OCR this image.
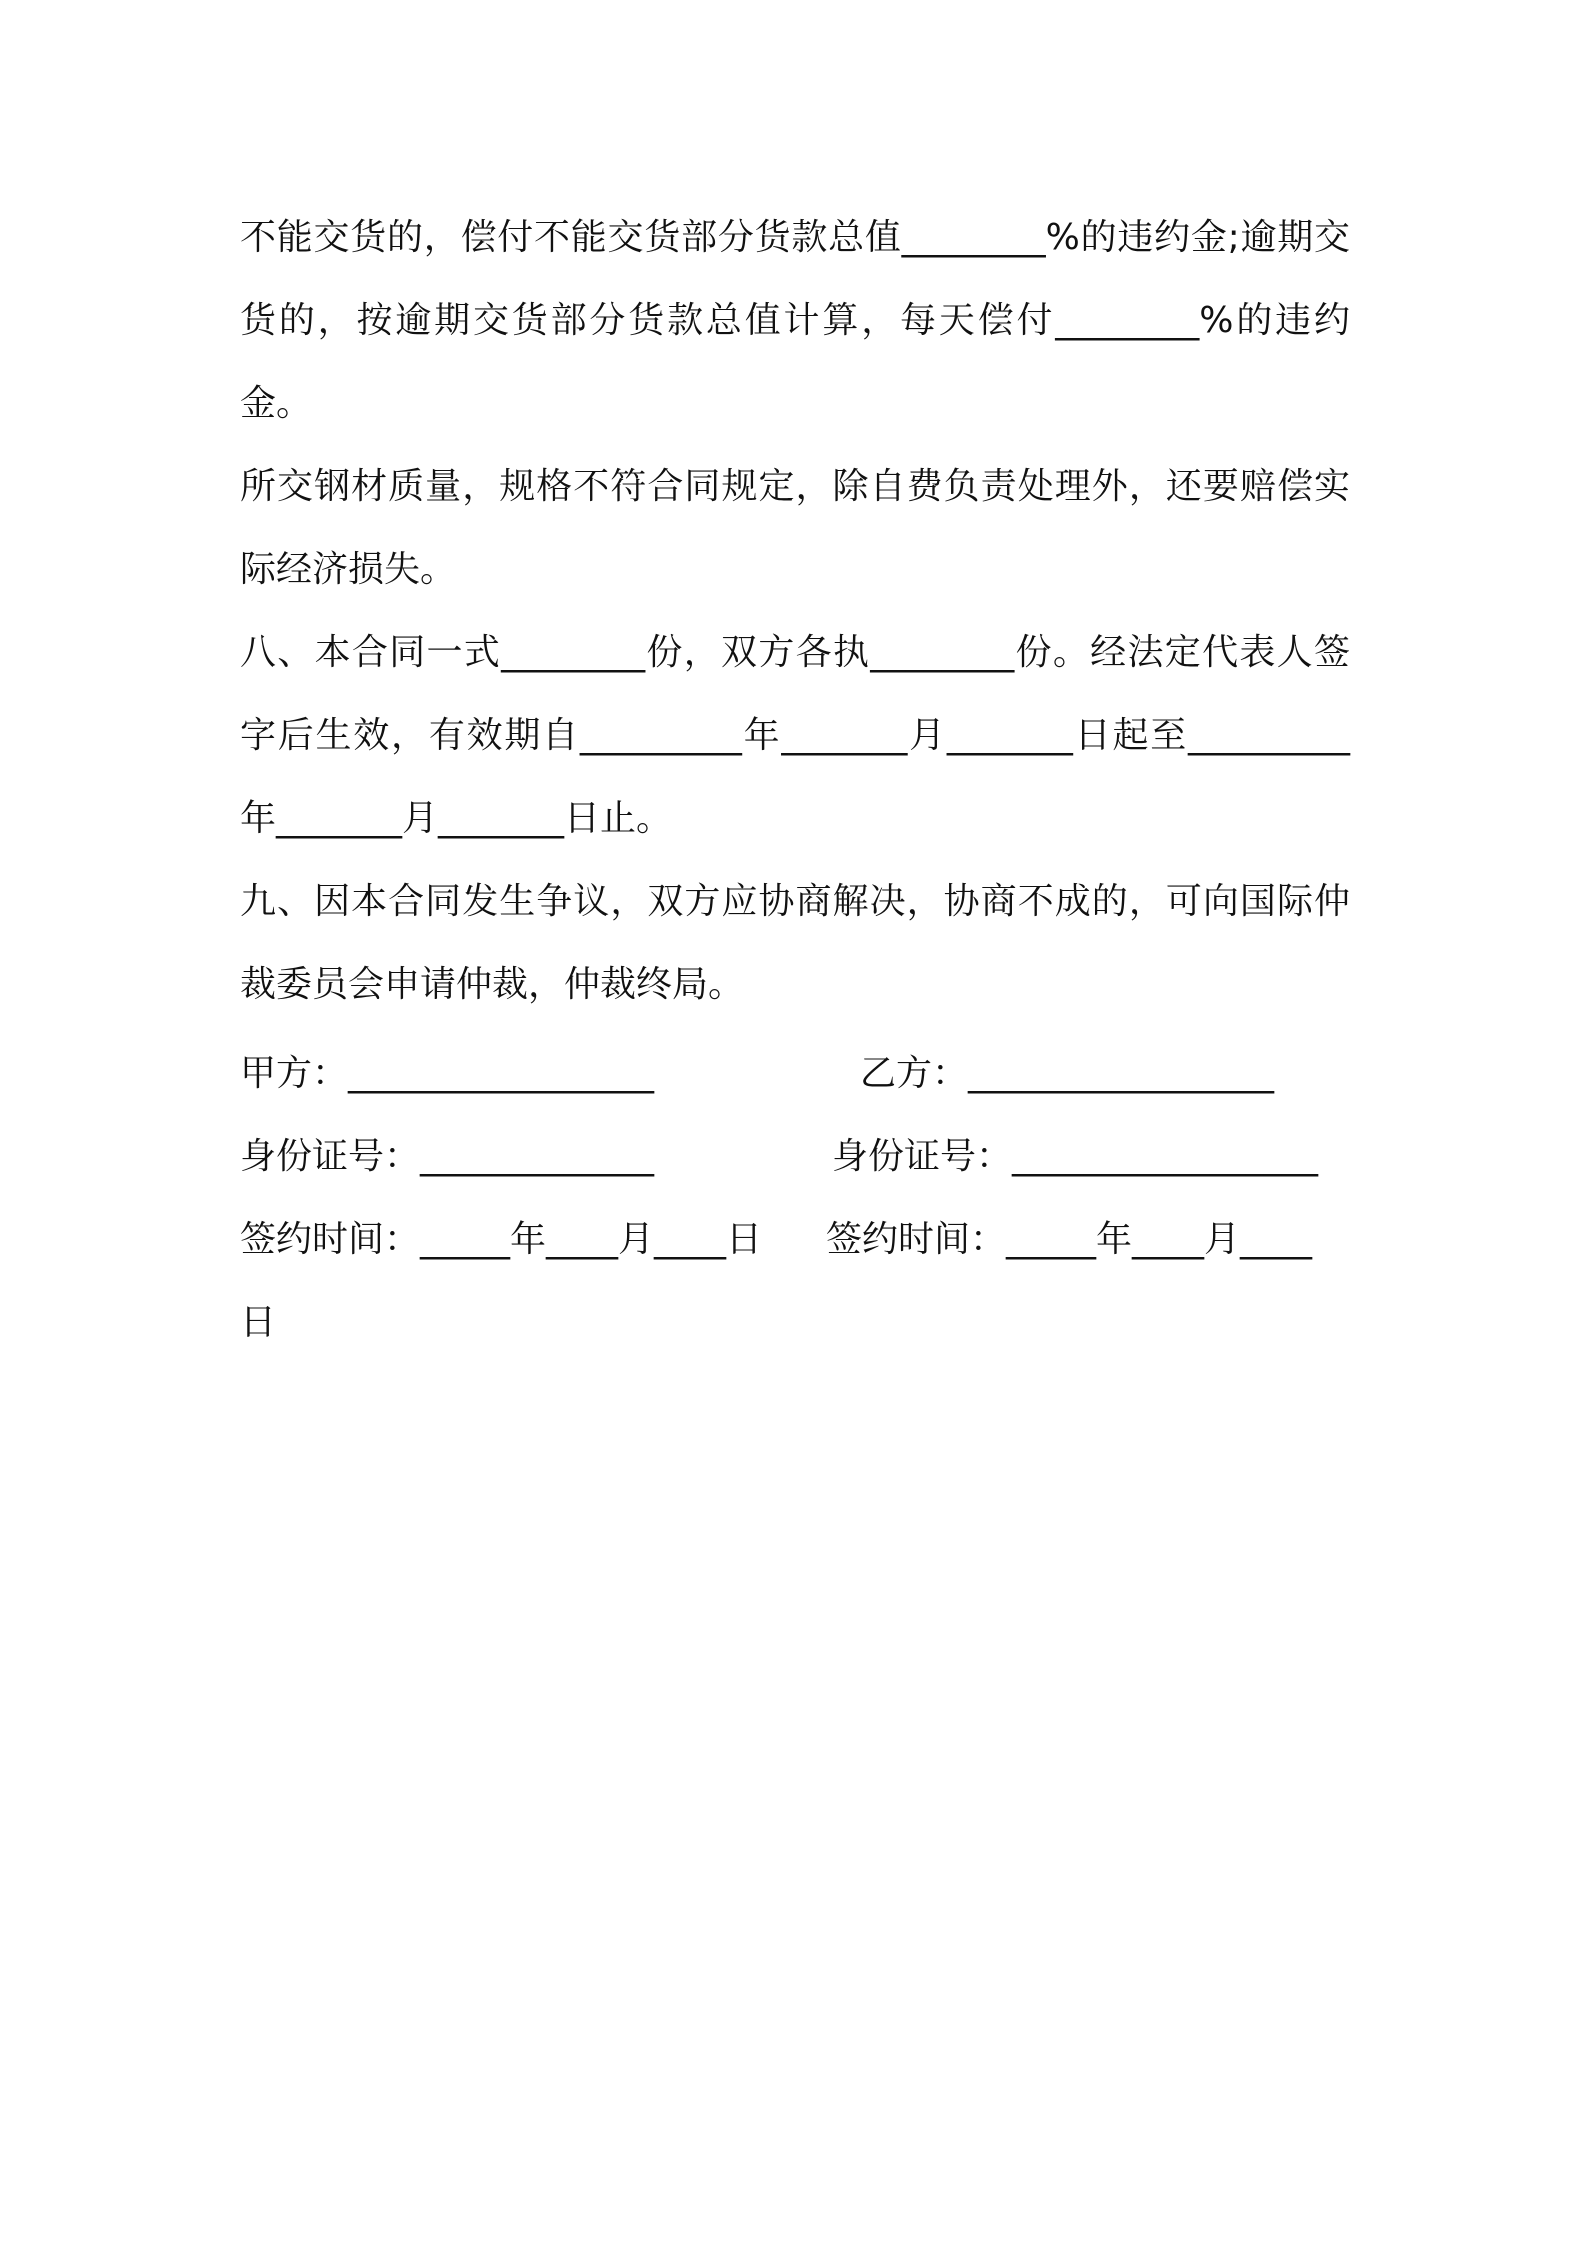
不能交货的，偿付不能交货部分货款总值________%的违约金;逾期交货的，按逾期交货部分货款总值计算，每天偿付________%的违约金。

所交钢材质量，规格不符合同规定，除自费负责处理外，还要赔偿实际经济损失。

八、本合同一式________份，双方各执________份。经法定代表人签字后生效，有效期自_________年_______月_______日起至_________年_______月_______日止。

九、因本合同发生争议，双方应协商解决，协商不成的，可向国际仲裁委员会申请仲裁，仲裁终局。

甲方：_________________	乙方：_________________
身份证号：_____________	身份证号：_________________
签约时间：_____年____月____日 签约时间：_____年____月____
日
